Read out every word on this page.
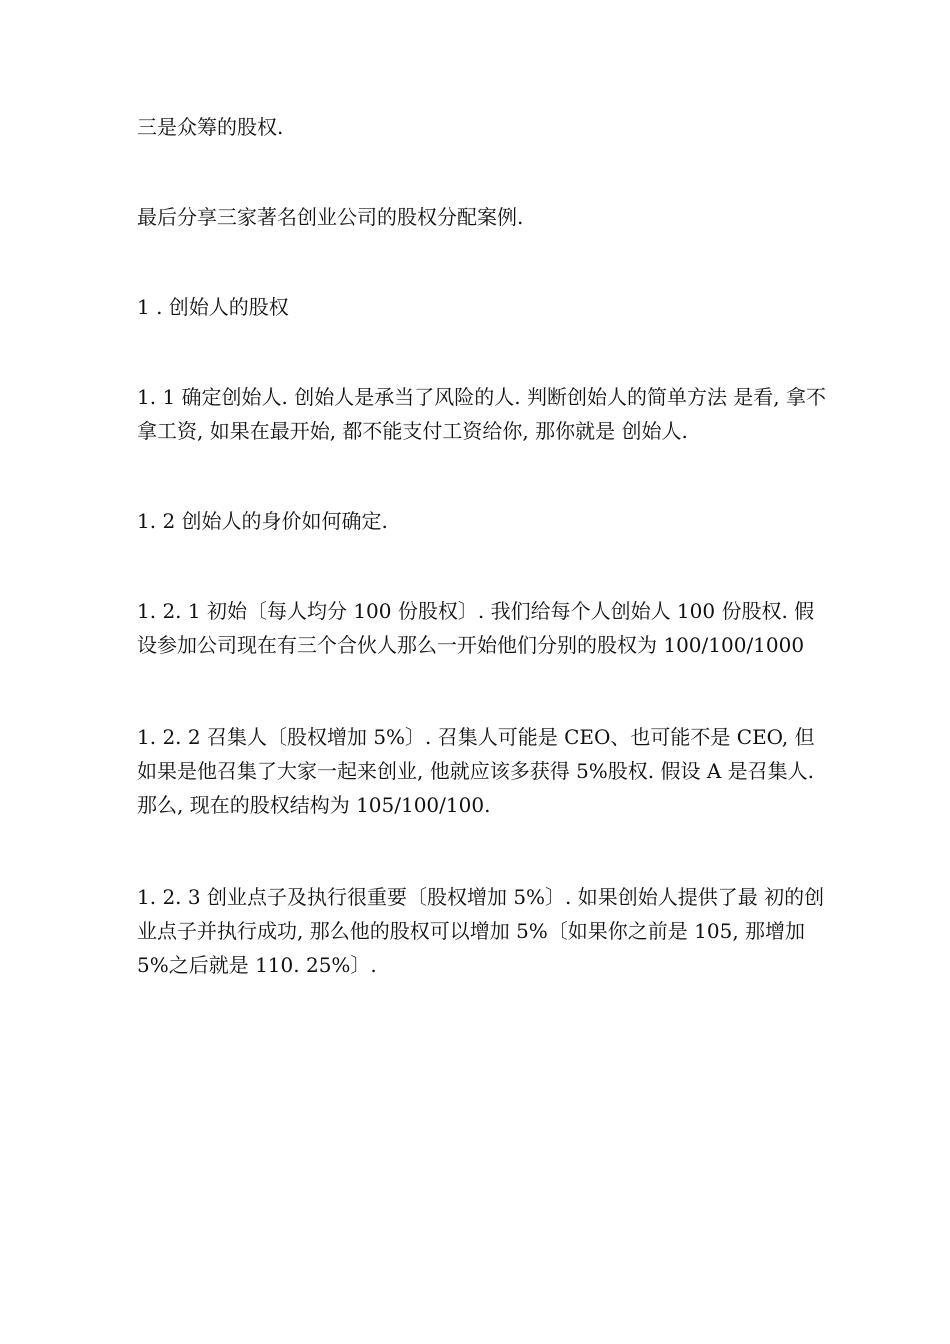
三是众筹的股权.

最后分享三家著名创业公司的股权分配案例.

1 . 创始人的股权

1. 1 确定创始人. 创始人是承当了风险的人. 判断创始人的简单方法 是看, 拿不拿工资, 如果在最开始, 都不能支付工资给你, 那你就是 创始人.

1. 2 创始人的身价如何确定.

1. 2. 1 初始〔每人均分 100 份股权〕. 我们给每个人创始人 100 份股权. 假设参加公司现在有三个合伙人那么一开始他们分别的股权为 100/100/1000

1. 2. 2 召集人〔股权增加 5%〕. 召集人可能是 CEO、也可能不是 CEO, 但如果是他召集了大家一起来创业, 他就应该多获得 5%股权. 假设 A 是召集人. 那么, 现在的股权结构为 105/100/100.

1. 2. 3 创业点子及执行很重要〔股权增加 5%〕. 如果创始人提供了最 初的创业点子并执行成功, 那么他的股权可以增加 5%〔如果你之前是 105, 那增加 5%之后就是 110. 25%〕.
